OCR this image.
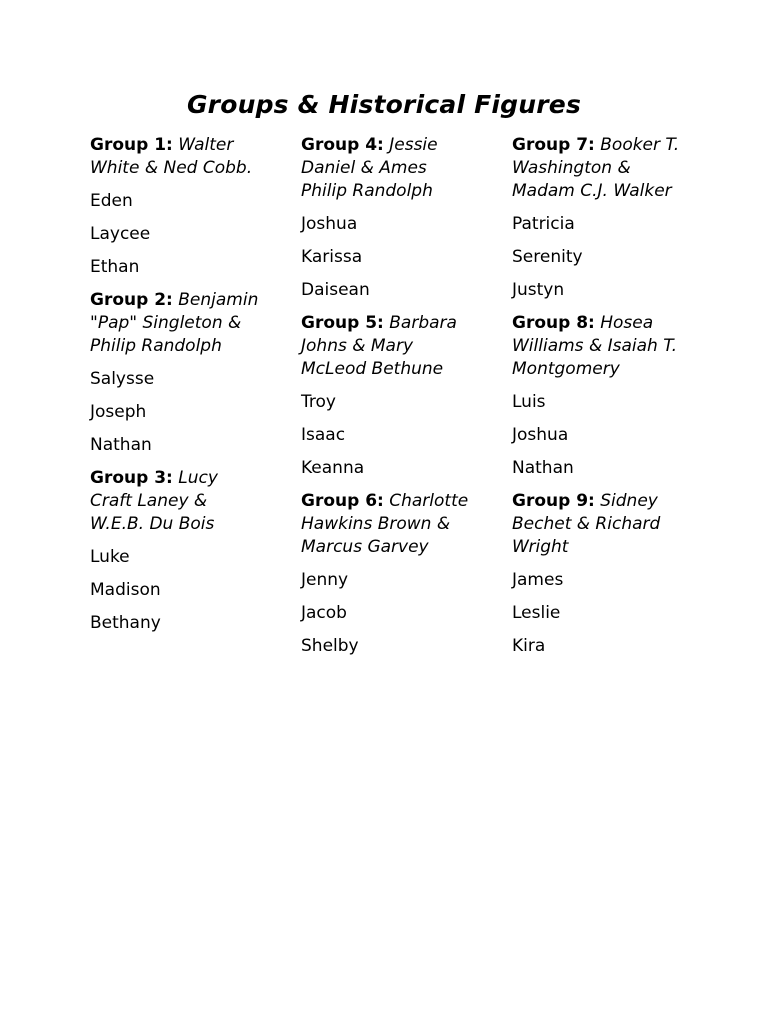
Groups & Historical Figures
Group 1: Walter White & Ned Cobb.
Eden
Laycee
Ethan
Group 2: Benjamin "Pap" Singleton & Philip Randolph
Salysse
Joseph
Nathan
Group 3: Lucy Craft Laney & W.E.B. Du Bois
Luke
Madison
Bethany
Group 4: Jessie Daniel & Ames Philip Randolph
Joshua
Karissa
Daisean
Group 5: Barbara Johns & Mary McLeod Bethune
Troy
Isaac
Keanna
Group 6: Charlotte Hawkins Brown & Marcus Garvey
Jenny
Jacob
Shelby
Group 7: Booker T. Washington & Madam C.J. Walker
Patricia
Serenity
Justyn
Group 8: Hosea Williams & Isaiah T. Montgomery
Luis
Joshua
Nathan
Group 9: Sidney Bechet & Richard Wright
James
Leslie
Kira
